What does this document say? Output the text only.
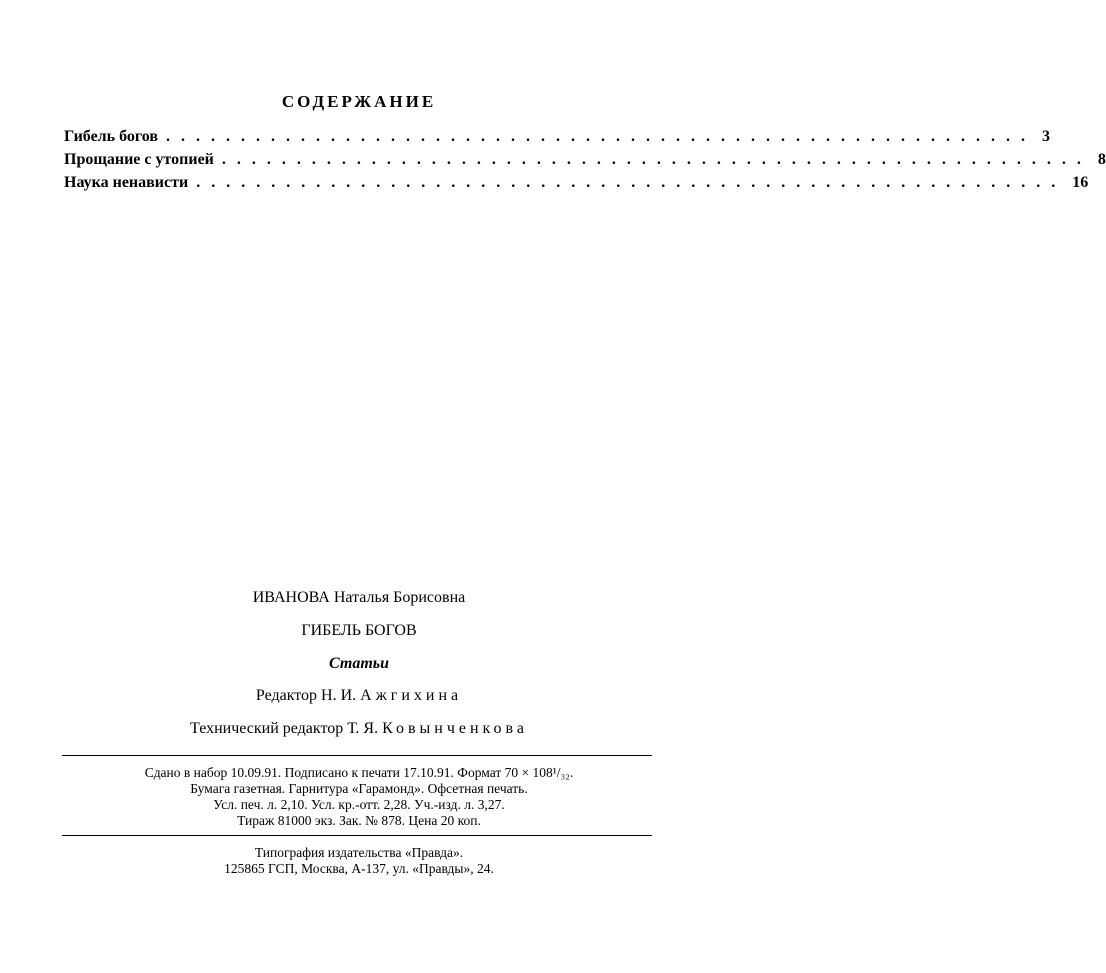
СОДЕРЖАНИЕ
Гибель богов .......................................................... 3
Прощание с утопией .......................................................... 8
Наука ненависти .......................................................... 16
ИВАНОВА Наталья Борисовна
ГИБЕЛЬ БОГОВ
Статьи
Редактор Н. И. Ажгихина
Технический редактор Т. Я. Ковынченкова
Сдано в набор 10.09.91. Подписано к печати 17.10.91. Формат 70 × 108¹/₃₂.
Бумага газетная. Гарнитура «Гарамонд». Офсетная печать.
Усл. печ. л. 2,10. Усл. кр.-отт. 2,28. Уч.-изд. л. 3,27.
Тираж 81000 экз. Зак. № 878. Цена 20 коп.
Типография издательства «Правда».
125865 ГСП, Москва, А-137, ул. «Правды», 24.
